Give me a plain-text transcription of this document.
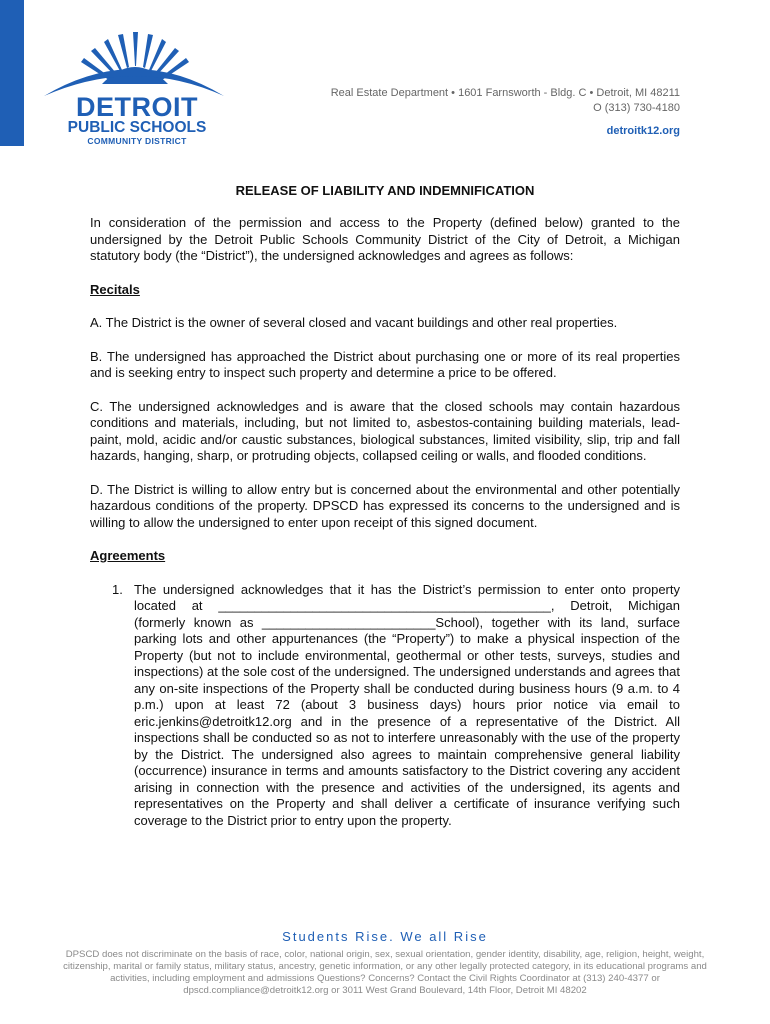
DETROIT
PUBLIC SCHOOLS
COMMUNITY DISTRICT
Real Estate Department • 1601 Farnsworth - Bldg. C • Detroit, MI 48211
O (313) 730-4180
detroitk12.org
RELEASE OF LIABILITY AND INDEMNIFICATION

In consideration of the permission and access to the Property (defined below) granted to the undersigned by the Detroit Public Schools Community District of the City of Detroit, a Michigan statutory body (the “District”), the undersigned acknowledges and agrees as follows:

Recitals

A. The District is the owner of several closed and vacant buildings and other real properties.

B. The undersigned has approached the District about purchasing one or more of its real properties and is seeking entry to inspect such property and determine a price to be offered.

C. The undersigned acknowledges and is aware that the closed schools may contain hazardous conditions and materials, including, but not limited to, asbestos-containing building materials, lead-paint, mold, acidic and/or caustic substances, biological substances, limited visibility, slip, trip and fall hazards, hanging, sharp, or protruding objects, collapsed ceiling or walls, and flooded conditions.

D. The District is willing to allow entry but is concerned about the environmental and other potentially hazardous conditions of the property. DPSCD has expressed its concerns to the undersigned and is willing to allow the undersigned to enter upon receipt of this signed document.

Agreements

1. The undersigned acknowledges that it has the District’s permission to enter onto property located at ______________________________________________, Detroit, Michigan (formerly known as ________________________School), together with its land, surface parking lots and other appurtenances (the “Property”) to make a physical inspection of the Property (but not to include environmental, geothermal or other tests, surveys, studies and inspections) at the sole cost of the undersigned. The undersigned understands and agrees that any on-site inspections of the Property shall be conducted during business hours (9 a.m. to 4 p.m.) upon at least 72 (about 3 business days) hours prior notice via email to eric.jenkins@detroitk12.org and in the presence of a representative of the District. All inspections shall be conducted so as not to interfere unreasonably with the use of the property by the District. The undersigned also agrees to maintain comprehensive general liability (occurrence) insurance in terms and amounts satisfactory to the District covering any accident arising in connection with the presence and activities of the undersigned, its agents and representatives on the Property and shall deliver a certificate of insurance verifying such coverage to the District prior to entry upon the property.
Students Rise. We all Rise
DPSCD does not discriminate on the basis of race, color, national origin, sex, sexual orientation, gender identity, disability, age, religion, height, weight, citizenship, marital or family status, military status, ancestry, genetic information, or any other legally protected category, in its educational programs and activities, including employment and admissions Questions? Concerns? Contact the Civil Rights Coordinator at (313) 240-4377 or dpscd.compliance@detroitk12.org or 3011 West Grand Boulevard, 14th Floor, Detroit MI 48202
